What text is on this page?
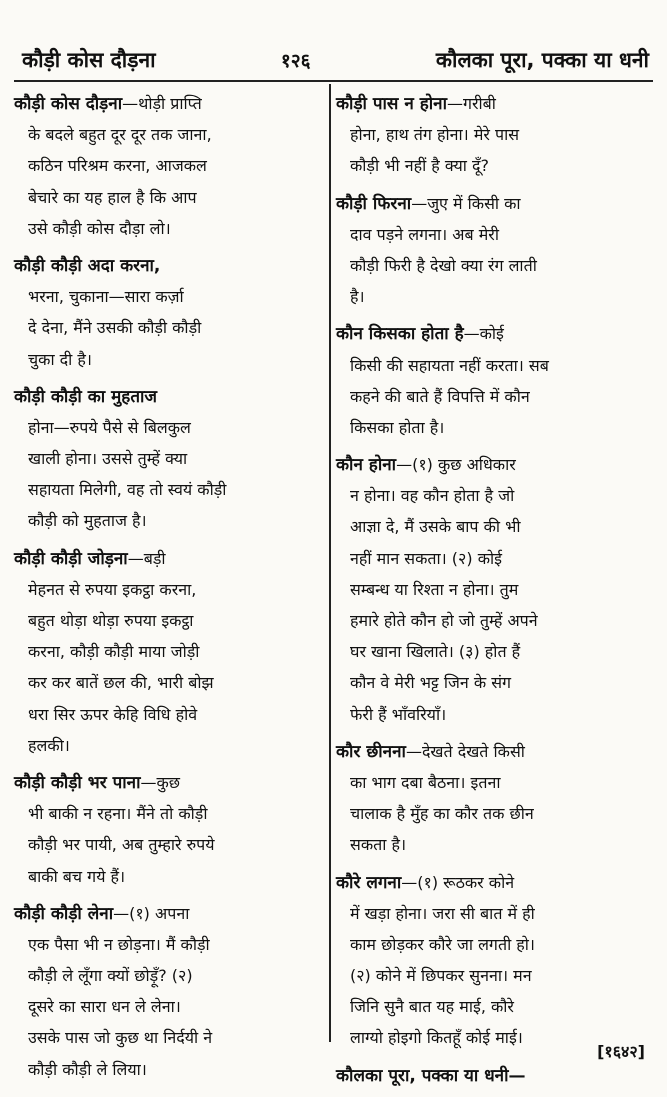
कौड़ी कोस दौड़ना	१२६	कौलका पूरा, पक्का या धनी
कौड़ी कोस दौड़ना—थोड़ी प्राप्ति
के बदले बहुत दूर दूर तक जाना,
कठिन परिश्रम करना, आजकल
बेचारे का यह हाल है कि आप
उसे कौड़ी कोस दौड़ा लो।
कौड़ी कौड़ी अदा करना,
भरना, चुकाना—सारा कर्ज़ा
दे देना, मैंने उसकी कौड़ी कौड़ी
चुका दी है।
कौड़ी कौड़ी का मुहताज
होना—रुपये पैसे से बिलकुल
खाली होना। उससे तुम्हें क्या
सहायता मिलेगी, वह तो स्वयं कौड़ी
कौड़ी को मुहताज है।
कौड़ी कौड़ी जोड़ना—बड़ी
मेहनत से रुपया इकट्ठा करना,
बहुत थोड़ा थोड़ा रुपया इकट्ठा
करना, कौड़ी कौड़ी माया जोड़ी
कर कर बातें छल की, भारी बोझ
धरा सिर ऊपर केहि विधि होवे
हलकी।
कौड़ी कौड़ी भर पाना—कुछ
भी बाकी न रहना। मैंने तो कौड़ी
कौड़ी भर पायी, अब तुम्हारे रुपये
बाकी बच गये हैं।
कौड़ी कौड़ी लेना—(१) अपना
एक पैसा भी न छोड़ना। मैं कौड़ी
कौड़ी ले लूँगा क्यों छोड़ूँ? (२)
दूसरे का सारा धन ले लेना।
उसके पास जो कुछ था निर्दयी ने
कौड़ी कौड़ी ले लिया।
कौड़ी पास न होना—गरीबी
होना, हाथ तंग होना। मेरे पास
कौड़ी भी नहीं है क्या दूँ?
कौड़ी फिरना—जुए में किसी का
दाव पड़ने लगना। अब मेरी
कौड़ी फिरी है देखो क्या रंग लाती
है।
कौन किसका होता है—कोई
किसी की सहायता नहीं करता। सब
कहने की बाते हैं विपत्ति में कौन
किसका होता है।
कौन होना—(१) कुछ अधिकार
न होना। वह कौन होता है जो
आज्ञा दे, मैं उसके बाप की भी
नहीं मान सकता। (२) कोई
सम्बन्ध या रिश्ता न होना। तुम
हमारे होते कौन हो जो तुम्हें अपने
घर खाना खिलाते। (३) होत हैं
कौन वे मेरी भट्ट जिन के संग
फेरी हैं भाँवरियाँ।
कौर छीनना—देखते देखते किसी
का भाग दबा बैठना। इतना
चालाक है मुँह का कौर तक छीन
सकता है।
कौरे लगना—(१) रूठकर कोने
में खड़ा होना। जरा सी बात में ही
काम छोड़कर कौरे जा लगती हो।
(२) कोने में छिपकर सुनना। मन
जिनि सुनै बात यह माई, कौरे
लाग्यो होइगो कितहूँ कोई माई।
कौलका पूरा, पक्का या धनी—
[१६४२]
